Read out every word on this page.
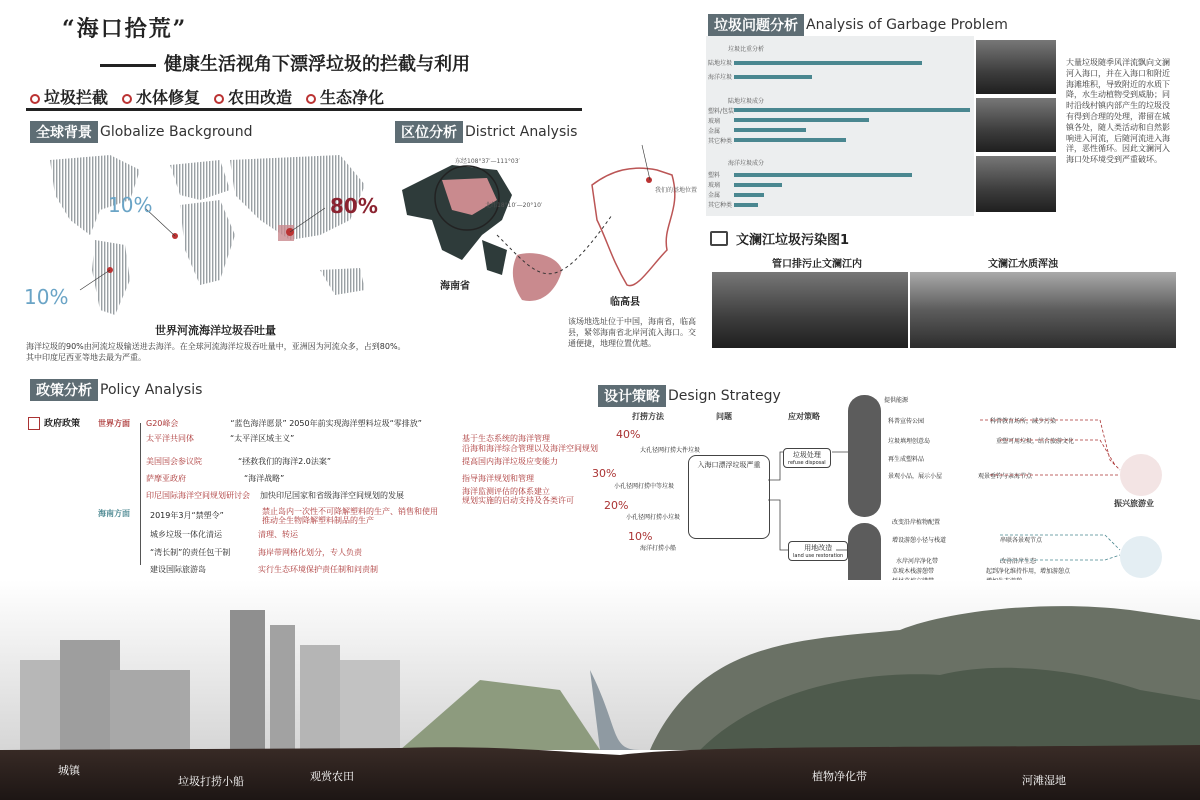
“海口拾荒”
健康生活视角下漂浮垃圾的拦截与利用
垃圾拦截	水体修复	农田改造	生态净化
全球背景 Globalize Background
10%
10%
80%
世界河流海洋垃圾吞吐量
海洋垃圾的90%由河流垃圾输送进去海洋。在全球河流海洋垃圾吞吐量中，亚洲因为河流众多，占到80%。
其中印度尼西亚等地去最为严重。
区位分析 District Analysis
东经108°37′—111°03′
北纬18°10′—20°10′
海南省
临高县
我们的基地位置
该场地选址位于中国，海南省，临高县，紧邻海南省北岸河流入海口。交通便捷，地理位置优越。
垃圾问题分析 Analysis of Garbage Problem
垃圾比重分析
陆地垃圾
海洋垃圾
陆地垃圾成分
塑料/包装
玻璃
金属
其它种类
海洋垃圾成分
塑料
玻璃
金属
其它种类
大量垃圾随季风洋流飘向文澜河入海口，并在入海口和附近海滩堆积，导致附近的水质下降，水生动植物受到威胁；同时沿线村镇内部产生的垃圾没有得到合理的处理，滞留在城镇各处，随人类活动和自然影响进入河流，后随河流进入海洋，恶性循环。因此文澜河入海口处环境受到严重破坏。
文澜江垃圾污染图1
管口排污止文澜江内	文澜江水质浑浊
政策分析 Policy Analysis
政府政策 世界方面
海南方面
G20峰会	“蓝色海洋愿景” 2050年前实现海洋塑料垃圾“零排放”
太平洋共同体	“太平洋区域主义”	基于生态系统的海洋管理
沿海和海洋综合管理以及海洋空间规划
美国国会参议院	“拯救我们的海洋2.0法案”	提高国内海洋垃圾应变能力
萨摩亚政府	“海洋战略”	指导海洋规划和管理
印尼国际海洋空间规划研讨会 加快印尼国家和省级海洋空间规划的发展	海洋监测评估的体系建立
规划实施的启动支持及各类许可
2019年3月“禁塑令”	禁止岛内一次性不可降解塑料的生产、销售和使用
推动全生物降解塑料制品的生产
城乡垃圾一体化清运	清理、转运
“湾长制”的责任包干制	海岸带网格化划分，专人负责
建设国际旅游岛	实行生态环境保护责任制和问责制
设计策略 Design Strategy
打捞方法	问题	应对策略
40%
30%
20%
10%
大孔径网打捞大件垃圾
小孔径网打捞中等垃圾
小孔径网打捞小垃圾
海洋打捞小船
入海口漂浮垃圾严重
垃圾处理
refuse disposal
用地改造
land use restoration
提供能源
科普宣传公园
垃圾填埋创意岛
再生成塑料品
景观小品，展示小屋
科普教育场所，减少污染
重塑可用垃圾，结合旅游文化
观景垂钓与亲海节点
改变沿岸植物配置
增设游憩小径与栈道
水岸河岸净化带
草坡木栈游憩带
串联各景观节点
改善沿岸生态
起到净化维持作用，增加游憩点
振兴旅游业
城镇
垃圾打捞小船	观赏农田	植物净化带	河滩湿地
